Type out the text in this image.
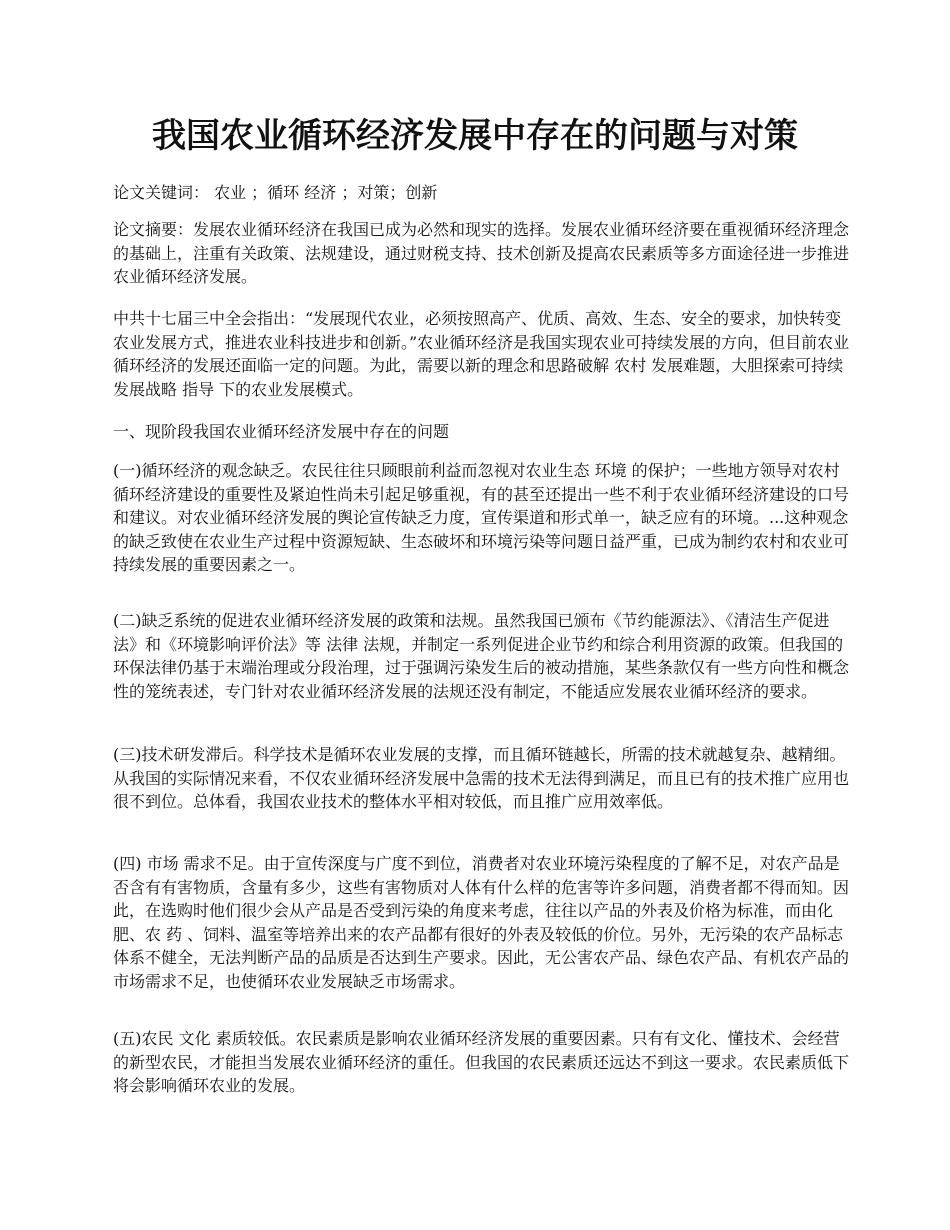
我国农业循环经济发展中存在的问题与对策

论文关键词： 农业 ；循环 经济 ；对策；创新

论文摘要：发展农业循环经济在我国已成为必然和现实的选择。发展农业循环经济要在重视循环经济理念的基础上，注重有关政策、法规建设，通过财税支持、技术创新及提高农民素质等多方面途径进一步推进农业循环经济发展。

中共十七届三中全会指出：“发展现代农业，必须按照高产、优质、高效、生态、安全的要求，加快转变农业发展方式，推进农业科技进步和创新。”农业循环经济是我国实现农业可持续发展的方向，但目前农业循环经济的发展还面临一定的问题。为此，需要以新的理念和思路破解 农村 发展难题，大胆探索可持续 发展战略 指导 下的农业发展模式。

一、现阶段我国农业循环经济发展中存在的问题

(一)循环经济的观念缺乏。农民往往只顾眼前利益而忽视对农业生态 环境 的保护；一些地方领导对农村循环经济建设的重要性及紧迫性尚未引起足够重视，有的甚至还提出一些不利于农业循环经济建设的口号和建议。对农业循环经济发展的舆论宣传缺乏力度，宣传渠道和形式单一，缺乏应有的环境。...这种观念的缺乏致使在农业生产过程中资源短缺、生态破坏和环境污染等问题日益严重，已成为制约农村和农业可持续发展的重要因素之一。

(二)缺乏系统的促进农业循环经济发展的政策和法规。虽然我国已颁布《节约能源法》、《清洁生产促进法》和《环境影响评价法》等 法律 法规，并制定一系列促进企业节约和综合利用资源的政策。但我国的环保法律仍基于末端治理或分段治理，过于强调污染发生后的被动措施，某些条款仅有一些方向性和概念性的笼统表述，专门针对农业循环经济发展的法规还没有制定，不能适应发展农业循环经济的要求。

(三)技术研发滞后。科学技术是循环农业发展的支撑，而且循环链越长，所需的技术就越复杂、越精细。从我国的实际情况来看，不仅农业循环经济发展中急需的技术无法得到满足，而且已有的技术推广应用也很不到位。总体看，我国农业技术的整体水平相对较低，而且推广应用效率低。

(四) 市场 需求不足。由于宣传深度与广度不到位，消费者对农业环境污染程度的了解不足，对农产品是否含有有害物质，含量有多少，这些有害物质对人体有什么样的危害等许多问题，消费者都不得而知。因此，在选购时他们很少会从产品是否受到污染的角度来考虑，往往以产品的外表及价格为标准，而由化肥、农 药 、饲料、温室等培养出来的农产品都有很好的外表及较低的价位。另外，无污染的农产品标志体系不健全，无法判断产品的品质是否达到生产要求。因此，无公害农产品、绿色农产品、有机农产品的市场需求不足，也使循环农业发展缺乏市场需求。

(五)农民 文化 素质较低。农民素质是影响农业循环经济发展的重要因素。只有有文化、懂技术、会经营的新型农民，才能担当发展农业循环经济的重任。但我国的农民素质还远达不到这一要求。农民素质低下将会影响循环农业的发展。
